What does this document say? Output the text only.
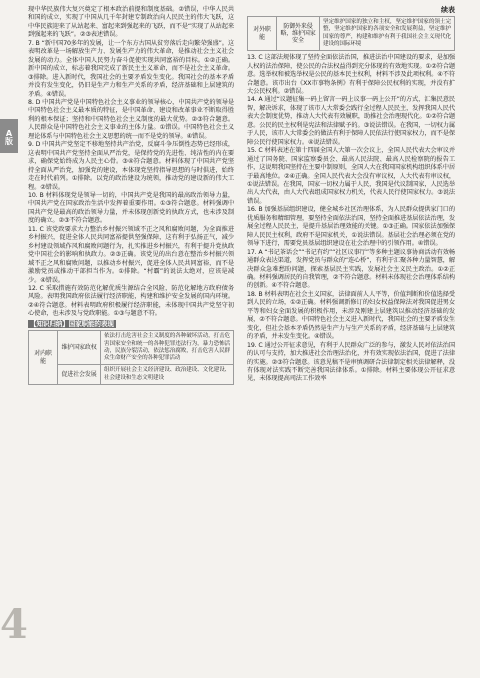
A版
4
续表

现中华民族伟大复兴奠定了根本政治前提和制度基础。②错误，中华人民共和国的成立，实现了中国从几千年封建专制政治向人民民主的伟大飞跃，这中华民族迎来了从站起来、富起来到强起来的飞跃，而不是“实现了从站起来到强起来的飞跃”。②③表述错误。

7. B “新中国70多年的发展，让一个东方古国从贫穷落后走向繁荣强盛”。这表明改革是一场解放生产力、发展生产力的伟大革命，是推动社会主义社会发展的动力。全体中国人民努力奋斗促使实现共同富裕的目标。①②正确。新中国的成立，标志着我国完成了新民主主义革命，而不是社会主义革命。③排除。进入新时代，我国社会的主要矛盾发生变化。我国社会的基本矛盾并没有发生变化，仍旧是生产力和生产关系的矛盾，经济基础和上层建筑的矛盾。④错误。

8. D 中国共产党是中国特色社会主义事业的领导核心，中国共产党的领导是中国特色社会主义最本质的特征，是中国革命、建设和改革事业不断取得胜利的根本保证；坚持和中国特色社会主义制度的最大优势。②③符合题意。人民群众是中国特色社会主义事业的主体力量。①错误。中国特色社会主义理论体系与中国特色社会主义思想的统一而不是党的领导。④错误。

9. D 中国共产党坚定不移地坚持共产治党，反腐斗争压倒性态势已经形成，这表明中国共产党坚持全面从严治党，是保持党的先进性、纯洁性的内在要求，确保党始终成为人民主心骨。③④符合题意。材料体现了中国共产党坚持全面从严治党，加强党的建设，本体现党坚持指导思想的与时俱进，始终走在时代前列。①排除。以党的政治建设为统领，推动党的建设新的伟大工程。②错误。

10. B 材料体现党是领导一切的，中国共产党是我国的最高政治领导力量，中国共产党在国家政治生活中发挥着重要作用。①③符合题意。材料强调中国共产党是最高的政治领导力量，并未体现创新党的执政方式，也未涉及制度的确立。②③不符合题意。

11. C 该党政要求大力整治乡村振兴领域不正之风和腐败问题，为全面推进乡村振兴，促进全体人民共同富裕提供坚强保障，这有利于弘扬正气，减少乡村建设领域作风和腐败问题行为，扎实推进乡村振兴，有利于提升党执政党中国社会的影响和执政力。②③正确。该党见的出台意在整治乡村振兴领域不正之风和腐败问题，以推动乡村振兴，促进全体人民共同富裕，而不是激励党员或推动干部担当作为。①排除。“村霸”的说法太绝对，应该是减少。④错误。

12. C 采取措施有效防范化解优质生源结合全风险，防范化解地方政府债务风险。表明我国政府依法履行经济职能，构建和维护安全发展的国内环境。②④符合题意。材料表明政府积极履行经济职能，未体现中国共产党坚守初心使命，也未涉及与党政职能。①③与题意不符。

【知识归纳】国家职能的表现
对内职能	维护国家政权	依法打击危害社会主义制度的各种破坏活动，打击危害国家安全和统一的各种犯罪违法行为，暴力恐怖活动，民族分裂活动，依法惩治腐败，打击危害人民群众生命财产安全的各种犯罪活动
	促进社会发展	组织开展社会主义经济建设、政治建设、文化建设、社会建设和生态文明建设
对外职能	防御外来侵略，维护国家安全	坚定维护国家的独立和主权，坚定维护国家的领土完整，坚定维护国家的各项安全和发展利益，坚定维护国家的尊严，构建和维护有利于我国社会主义现代化建设的国际环境

13. C 这部法规体现了坚持全面依法治国，推进法治中国建设的要求，是加强人权的法治保障，使公民的合法权益得到充分体现的有效地实现。①②符合题意。选举权和被选举权是公民的基本民主权利，材料不涉及此项权利。④不符合题意。该市出台《XX市事物条例》有利于保障公民权利的实现，并没有扩大公民权利。②错误。

14. A 通过“议题征集一码上留言一码上议事一码上公开”的方式，汇集民意民智，解决诉求，体现了该市人大常委会践行全过程人民民主，发挥我国人民代表大会制度优势，推动人大代表有效履职，助推社会治理现代化。①②符合题意。公民的民主权利是宪法和法律赋予的。③说法错误。在我国，一切权力属于人民，该市人大常委会的做法有利于保障人民依法行使国家权力，而不是保障公民行使国家权力。④说法错误。

15. C 材料表述在第十四届全国人大第一次会议上，全国人民代表大会审议并通过了国务院、国家监察委员会、最高人民法院、最高人民检察院的报告工作，这说明我国坚持在主要中制原则，全国人大在我国国家机构组织体系中居于最高地位。②④正确。全国人民代表大会没有审议权，人大代表有审议权，①说法错误。在我国，国家一切权力属于人民，我国是代议制国家，人民选举出人大代表，由人大代表组成国家权力机关，代表人民行使国家权力。③说法错误。

16. B 加强基层组织建设，健全城乡社区治理体系，为人民群众提供家门口的优质服务和精细管理，要坚持全面依法治国，坚持全面推进基层依法治理，发展全过程人民民主，是提升基层治理效能的关键。①③正确。国家依法加强保障人民民主权利，政府不是国家机关，①说法错误。基层社会治理必须在党的领导下进行，需要党员基层组织建设在社会治理中的引领作用。④错误。

17. A “书记茶话会”“书记有约”“社区议事厅”等多种主题议事协商活动有效畅通群众表达渠道，发挥党员与群众的“连心桥”，有利于汇聚各种力量智慧，解决群众急难愁盼问题，探索基层民主实践，发展社会主义民主政治。①②正确。材料强调居民的自我管理，②不符合题意。材料未体现社会治理体系结构的创新。④不符合题意。

18. B 材料表明在社会主义国家，法律面前人人平等，价值判断和价值选择受到人民的立场，①②正确。材料强调新修订的妇女权益保障法对我国促进男女平等和妇女全面发展的积极作用，未涉及刚建上层建筑以推动经济基础的发展，②不符合题意。中国特色社会主义进入新时代，我国社会的主要矛盾发生变化，但社会基本矛盾仍然是生产力与生产关系的矛盾，经济基础与上层建筑的矛盾，并未发生变化。④错误。

19. C 通过公开征求意见，有利于人民群众广泛的参与，激发人民对依法治国的认可与支持，加大推进社会治理法治化，并有效实现依法治国，促进了法律的实施。②③符合题意。该意见稿不是审慎调研合法律制定相关法律解释，没有体现对法实践不断完善我国法律体系。①排除。材料主要体现公开征求意见，未体现提高司法工作效率
